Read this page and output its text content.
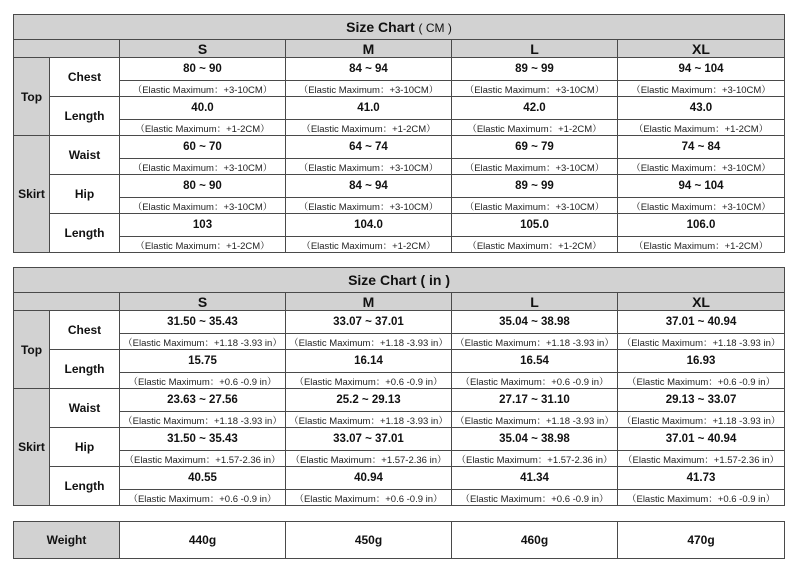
Size Chart ( CM )					
		S	M	L	XL
Top	Chest	80 ~ 90	84 ~ 94	89 ~ 99	94 ~ 104
		（Elastic Maximum：+3-10CM）	（Elastic Maximum：+3-10CM）	（Elastic Maximum：+3-10CM）	（Elastic Maximum：+3-10CM）
	Length	40.0	41.0	42.0	43.0
		（Elastic Maximum：+1-2CM）	（Elastic Maximum：+1-2CM）	（Elastic Maximum：+1-2CM）	（Elastic Maximum：+1-2CM）
Skirt	Waist	60 ~ 70	64 ~ 74	69 ~ 79	74 ~ 84
		（Elastic Maximum：+3-10CM）	（Elastic Maximum：+3-10CM）	（Elastic Maximum：+3-10CM）	（Elastic Maximum：+3-10CM）
	Hip	80 ~ 90	84 ~ 94	89 ~ 99	94 ~ 104
		（Elastic Maximum：+3-10CM）	（Elastic Maximum：+3-10CM）	（Elastic Maximum：+3-10CM）	（Elastic Maximum：+3-10CM）
	Length	103	104.0	105.0	106.0
		（Elastic Maximum：+1-2CM）	（Elastic Maximum：+1-2CM）	（Elastic Maximum：+1-2CM）	（Elastic Maximum：+1-2CM）
Size Chart ( in )					
		S	M	L	XL
Top	Chest	31.50 ~ 35.43	33.07 ~ 37.01	35.04 ~ 38.98	37.01 ~ 40.94
		（Elastic Maximum：+1.18 -3.93 in）	（Elastic Maximum：+1.18 -3.93 in）	（Elastic Maximum：+1.18 -3.93 in）	（Elastic Maximum：+1.18 -3.93 in）
	Length	15.75	16.14	16.54	16.93
		（Elastic Maximum：+0.6 -0.9 in）	（Elastic Maximum：+0.6 -0.9 in）	（Elastic Maximum：+0.6 -0.9 in）	（Elastic Maximum：+0.6 -0.9 in）
Skirt	Waist	23.63 ~ 27.56	25.2 ~ 29.13	27.17 ~ 31.10	29.13 ~ 33.07
		（Elastic Maximum：+1.18 -3.93 in）	（Elastic Maximum：+1.18 -3.93 in）	（Elastic Maximum：+1.18 -3.93 in）	（Elastic Maximum：+1.18 -3.93 in）
	Hip	31.50 ~ 35.43	33.07 ~ 37.01	35.04 ~ 38.98	37.01 ~ 40.94
		（Elastic Maximum：+1.57-2.36 in）	（Elastic Maximum：+1.57-2.36 in）	（Elastic Maximum：+1.57-2.36 in）	（Elastic Maximum：+1.57-2.36 in）
	Length	40.55	40.94	41.34	41.73
		（Elastic Maximum：+0.6 -0.9 in）	（Elastic Maximum：+0.6 -0.9 in）	（Elastic Maximum：+0.6 -0.9 in）	（Elastic Maximum：+0.6 -0.9 in）
Weight	440g	450g	460g	470g
